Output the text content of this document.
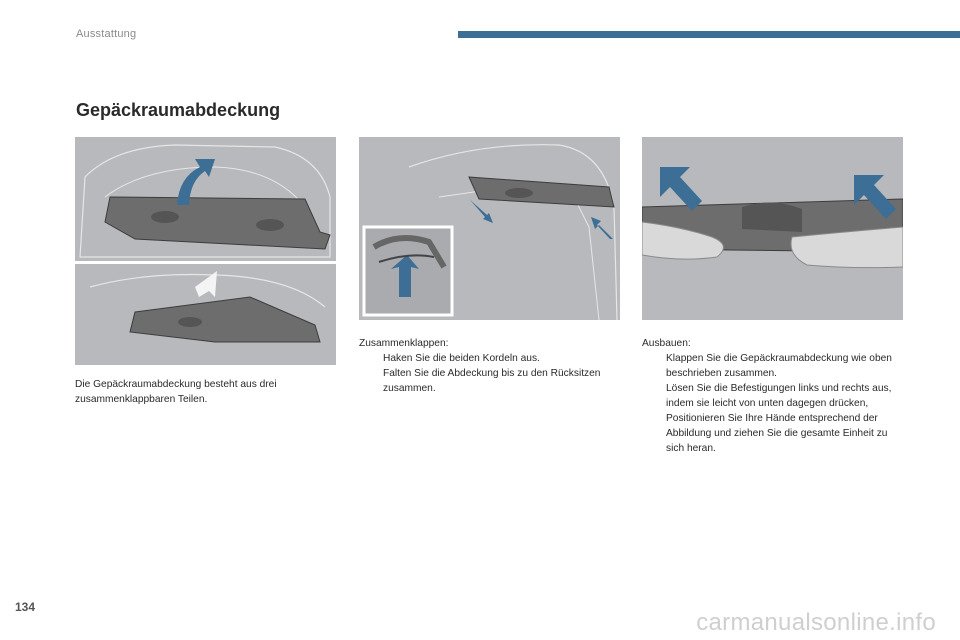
Ausstattung
Gepäckraumabdeckung

Die Gepäckraumabdeckung besteht aus drei zusammenklappbaren Teilen.

Zusammenklappen:

Haken Sie die beiden Kordeln aus.
Falten Sie die Abdeckung bis zu den Rücksitzen zusammen.

Ausbauen:

Klappen Sie die Gepäckraumabdeckung wie oben beschrieben zusammen.
Lösen Sie die Befestigungen links und rechts aus, indem sie leicht von unten dagegen drücken,
Positionieren Sie Ihre Hände entsprechend der Abbildung und ziehen Sie die gesamte Einheit zu sich heran.
134
carmanualsonline.info
